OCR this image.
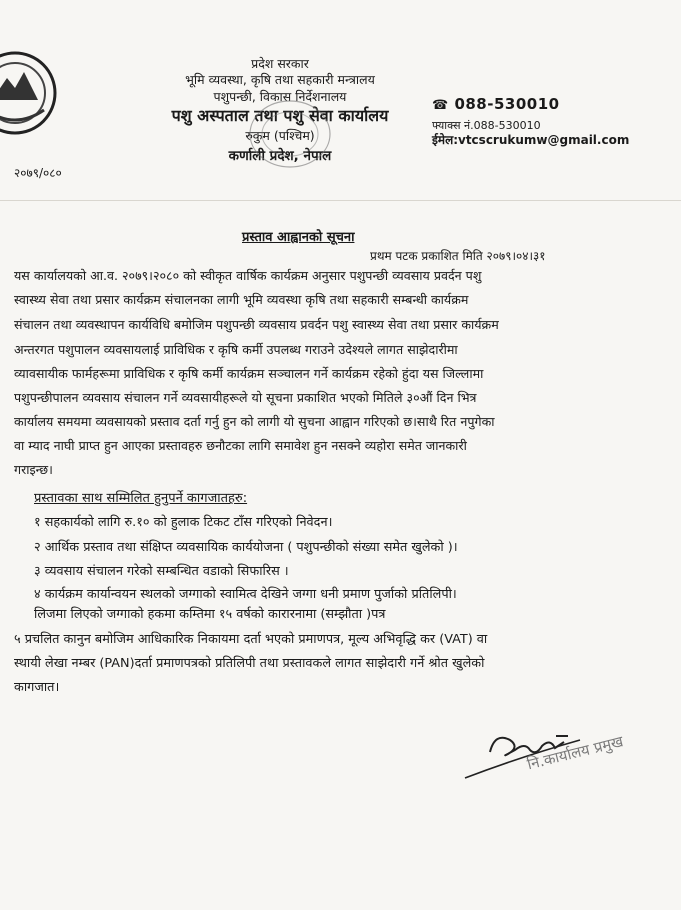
प्रदेश सरकार
भूमि व्यवस्था, कृषि तथा सहकारी मन्त्रालय
पशुपन्छी, विकास निर्देशनालय
पशु अस्पताल तथा पशु सेवा कार्यालय
रुकुम (पश्चिम)
कर्णाली प्रदेश, नेपाल
☎ 088-530010
फ्याक्स नं.088-530010
ईमेल:vtcscrukumw@gmail.com
२०७९/०८०
प्रस्ताव आह्वानको सूचना
प्रथम पटक प्रकाशित मिति २०७९।०४।३१
यस कार्यालयको आ.व. २०७९।२०८० को स्वीकृत वार्षिक कार्यक्रम अनुसार पशुपन्छी व्यवसाय प्रवर्दन पशु
स्वास्थ्य सेवा तथा प्रसार कार्यक्रम संचालनका लागी भूमि व्यवस्था कृषि तथा सहकारी सम्बन्धी कार्यक्रम
संचालन तथा व्यवस्थापन कार्यविधि बमोजिम पशुपन्छी व्यवसाय प्रवर्दन पशु स्वास्थ्य सेवा तथा प्रसार कार्यक्रम
अन्तरगत पशुपालन व्यवसायलाई प्राविधिक र कृषि कर्मी उपलब्ध गराउने उदेश्यले लागत साझेदारीमा
व्यावसायीक फार्महरूमा प्राविधिक र कृषि कर्मी कार्यक्रम सञ्चालन गर्ने कार्यक्रम रहेको हुंदा यस जिल्लामा
पशुपन्छीपालन व्यवसाय संचालन गर्ने व्यवसायीहरूले यो सूचना प्रकाशित भएको मितिले ३०औं दिन भित्र
कार्यालय समयमा व्यवसायको प्रस्ताव दर्ता गर्नु हुन को लागी यो सुचना आह्वान गरिएको छ।साथै रित नपुगेका
वा म्याद नाघी प्राप्त हुन आएका प्रस्तावहरु छनौटका लागि समावेश हुन नसक्ने व्यहोरा समेत जानकारी
गराइन्छ।
प्रस्तावका साथ सम्मिलित हुनुपर्ने कागजातहरु:
१ सहकार्यको लागि रु.१० को हुलाक टिकट टाँस गरिएको निवेदन।
२ आर्थिक प्रस्ताव तथा संक्षिप्त व्यवसायिक कार्ययोजना ( पशुपन्छीको संख्या समेत खुलेको )।
३ व्यवसाय संचालन गरेको सम्बन्धित वडाको सिफारिस ।
४ कार्यक्रम कार्यान्वयन स्थलको जग्गाको स्वामित्व देखिने जग्गा धनी प्रमाण पुर्जाको प्रतिलिपी।
लिजमा लिएको जग्गाको हकमा कम्तिमा १५ वर्षको कारारनामा (सम्झौता )पत्र
५ प्रचलित कानुन बमोजिम आधिकारिक निकायमा दर्ता भएको प्रमाणपत्र, मूल्य अभिवृद्धि कर (VAT) वा
स्थायी लेखा नम्बर (PAN)दर्ता प्रमाणपत्रको प्रतिलिपी तथा प्रस्तावकले लागत साझेदारी गर्ने श्रोत खुलेको
कागजात।
नि.कार्यालय प्रमुख
